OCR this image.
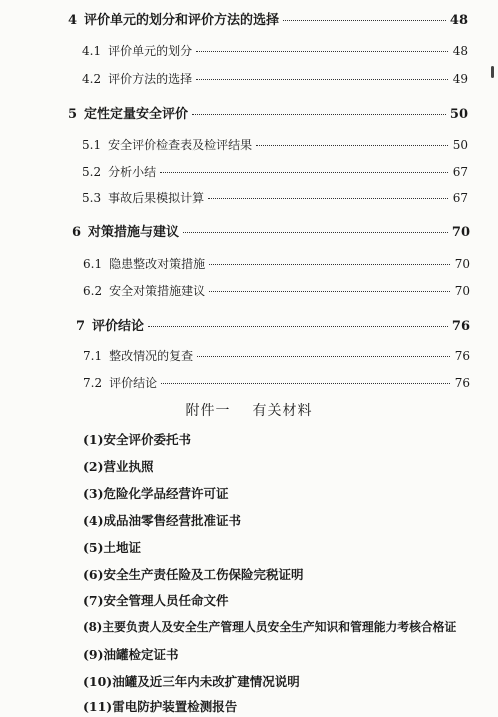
4 评价单元的划分和评价方法的选择	48
4.1 评价单元的划分	48
4.2 评价方法的选择	49
5 定性定量安全评价	50
5.1 安全评价检查表及检评结果	50
5.2 分析小结	67
5.3 事故后果模拟计算	67
6 对策措施与建议	70
6.1 隐患整改对策措施	70
6.2 安全对策措施建议	70
7 评价结论	76
7.1 整改情况的复查	76
7.2 评价结论	76
附件一 有关材料
(1)安全评价委托书
(2)营业执照
(3)危险化学品经营许可证
(4)成品油零售经营批准证书
(5)土地证
(6)安全生产责任险及工伤保险完税证明
(7)安全管理人员任命文件
(8)主要负责人及安全生产管理人员安全生产知识和管理能力考核合格证
(9)油罐检定证书
(10)油罐及近三年内未改扩建情况说明
(11)雷电防护装置检测报告
